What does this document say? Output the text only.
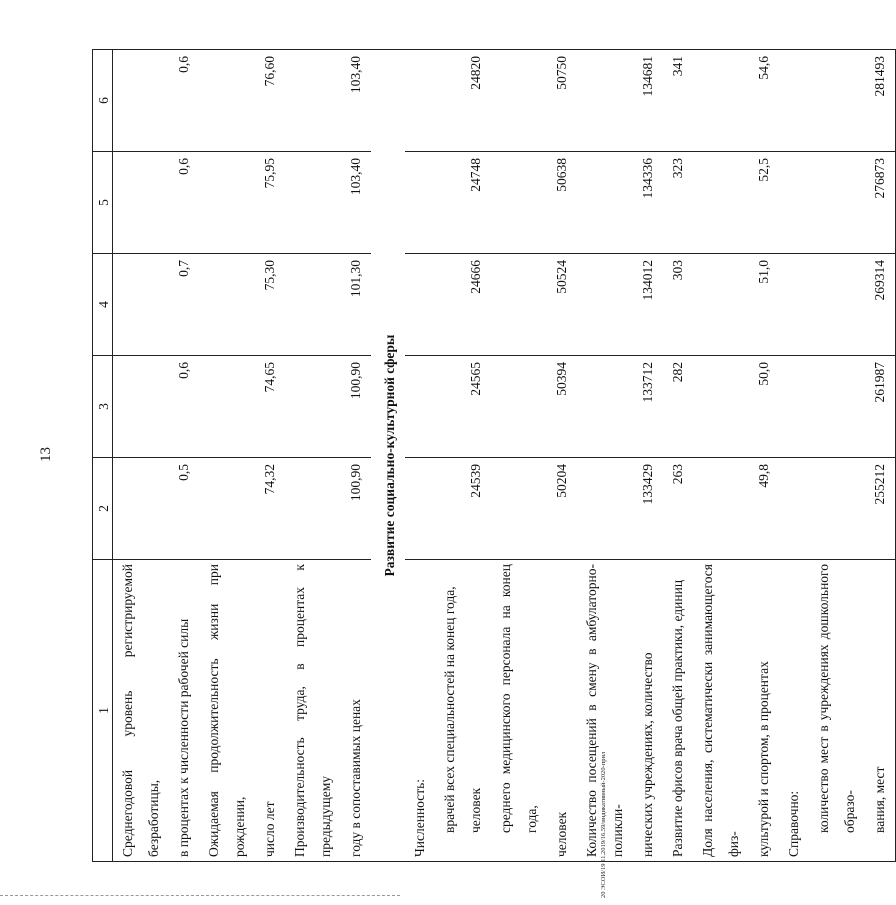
13
20 ЭСОИ/19 11.2019/16.59/индикативный-2020-прил
1	2	3	4	5	6

Среднегодовой уровень регистрируемой безработицы,					

в процентах к численности рабочей силы	0,5	0,6	0,7	0,6	0,6

Ожидаемая продолжительность жизни при рождении,					

число лет	74,32	74,65	75,30	75,95	76,60

Производительность труда, в процентах к предыдущему					

году в сопоставимых ценах	100,90	100,90	101,30	103,40	103,40
Развитие социально-культурной сферы					
Численность:					

врачей всех специальностей на конец года, человек	24539	24565	24666	24748	24820

среднего медицинского персонала на конец года,					

человек	50204	50394	50524	50638	50750

Количество посещений в смену в амбулаторно-поликли-					

нических учреждениях, количество	133429	133712	134012	134336	134681
Развитие офисов врача общей практики, единиц	263	282	303	323	341

Доля населения, систематически занимающегося физ-					

культурой и спортом, в процентах	49,8	50,0	51,0	52,5	54,6
Справочно:					

количество мест в учреждениях дошкольного образо-					

вания, мест	255212	261987	269314	276873	281493
